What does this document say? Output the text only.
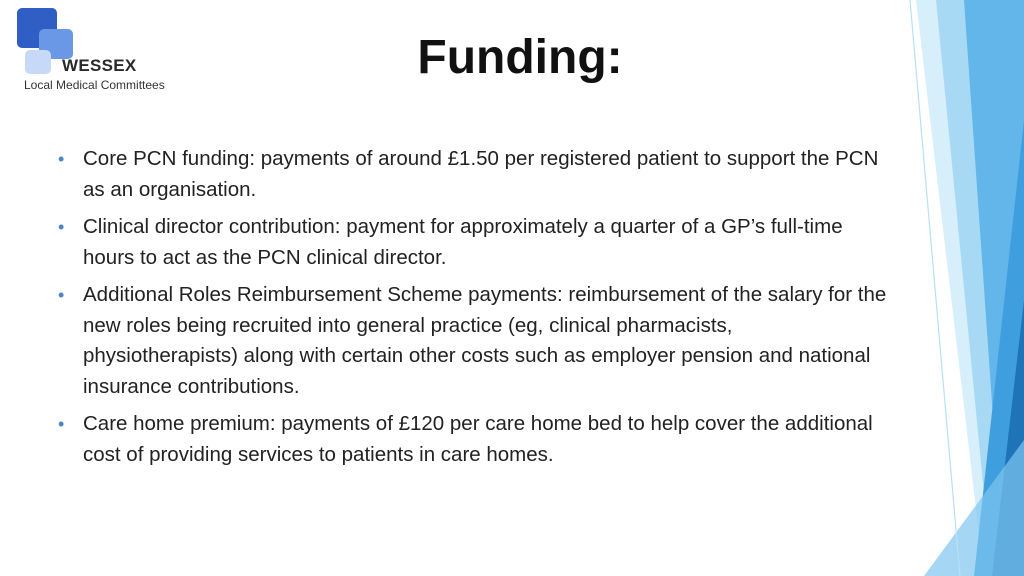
WESSEX

Local Medical Committees

Funding:
• Core PCN funding: payments of around £1.50 per registered patient to support the PCN as an organisation.
• Clinical director contribution: payment for approximately a quarter of a GP’s full-time hours to act as the PCN clinical director.
• Additional Roles Reimbursement Scheme payments: reimbursement of the salary for the new roles being recruited into general practice (eg, clinical pharmacists, physiotherapists) along with certain other costs such as employer pension and national insurance contributions.
• Care home premium: payments of £120 per care home bed to help cover the additional cost of providing services to patients in care homes.
